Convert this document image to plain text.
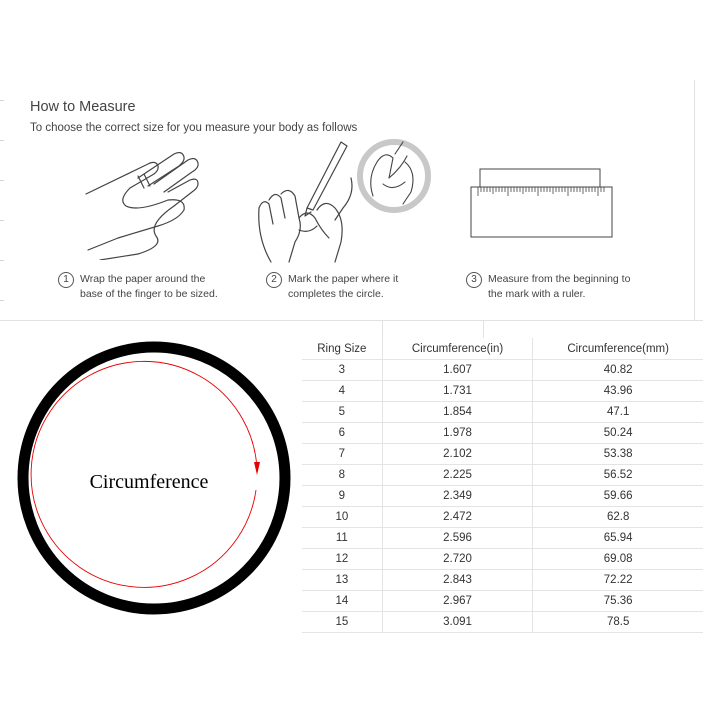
How to Measure
To choose the correct size for you measure your body as follows
1	Wrap the paper around the
base of the finger to be sized.
2	Mark the paper where it
completes the circle.
3	Measure from the beginning to
the mark with a ruler.
Circumference
Ring Size	Circumference(in)	Circumference(mm)
3	1.607	40.82
4	1.731	43.96
5	1.854	47.1
6	1.978	50.24
7	2.102	53.38
8	2.225	56.52
9	2.349	59.66
10	2.472	62.8
11	2.596	65.94
12	2.720	69.08
13	2.843	72.22
14	2.967	75.36
15	3.091	78.5
